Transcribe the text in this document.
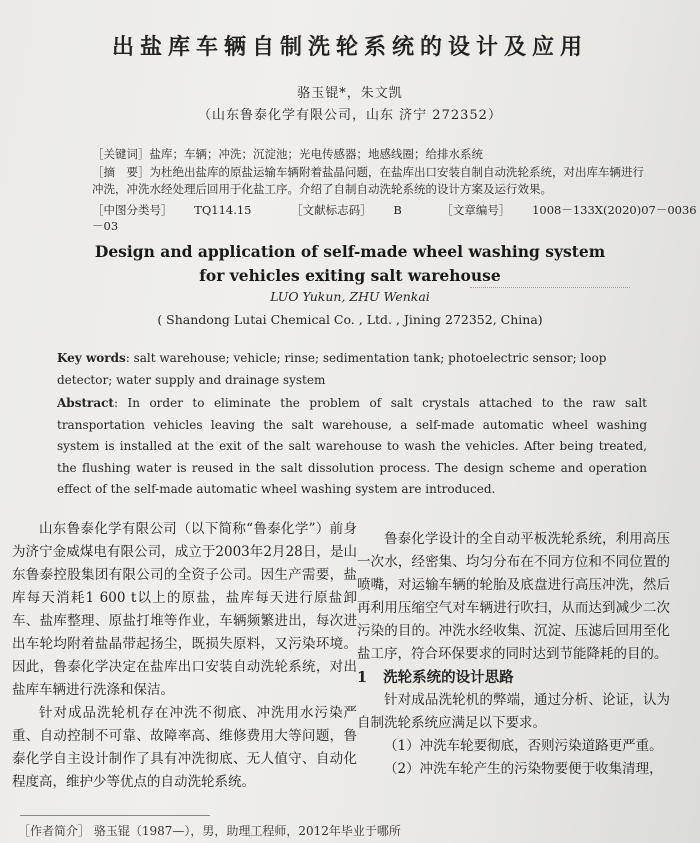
出盐库车辆自制洗轮系统的设计及应用
骆玉锟*，朱文凯
（山东鲁泰化学有限公司，山东 济宁 272352）
［关键词］盐库；车辆；冲洗；沉淀池；光电传感器；地感线圈；给排水系统
［摘　要］为杜绝出盐库的原盐运输车辆附着盐晶问题，在盐库出口安装自制自动洗轮系统，对出库车辆进行冲洗，冲洗水经处理后回用于化盐工序。介绍了自制自动洗轮系统的设计方案及运行效果。
［中图分类号］ TQ114.15	［文献标志码］ B	［文章编号］ 1008－133X(2020)07－0036－03
Design and application of self-made wheel washing system
for vehicles exiting salt warehouse
LUO Yukun, ZHU Wenkai
( Shandong Lutai Chemical Co. , Ltd. , Jining 272352, China)
Key words: salt warehouse; vehicle; rinse; sedimentation tank; photoelectric sensor; loop detector; water supply and drainage system
Abstract: In order to eliminate the problem of salt crystals attached to the raw salt transportation vehicles leaving the salt warehouse, a self-made automatic wheel washing system is installed at the exit of the salt warehouse to wash the vehicles. After being treated, the flushing water is reused in the salt dissolution process. The design scheme and operation effect of the self-made automatic wheel washing system are introduced.

山东鲁泰化学有限公司（以下简称“鲁泰化学”）前身为济宁金威煤电有限公司，成立于2003年2月28日，是山东鲁泰控股集团有限公司的全资子公司。因生产需要，盐库每天消耗1 600 t以上的原盐，盐库每天进行原盐卸车、盐库整理、原盐打堆等作业，车辆频繁进出，每次进出车轮均附着盐晶带起扬尘，既损失原料，又污染环境。因此，鲁泰化学决定在盐库出口安装自动洗轮系统，对出盐库车辆进行洗涤和保洁。

针对成品洗轮机存在冲洗不彻底、冲洗用水污染严重、自动控制不可靠、故障率高、维修费用大等问题，鲁泰化学自主设计制作了具有冲洗彻底、无人值守、自动化程度高，维护少等优点的自动洗轮系统。

鲁泰化学设计的全自动平板洗轮系统，利用高压一次水，经密集、均匀分布在不同方位和不同位置的喷嘴，对运输车辆的轮胎及底盘进行高压冲洗，然后再利用压缩空气对车辆进行吹扫，从而达到减少二次污染的目的。冲洗水经收集、沉淀、压滤后回用至化盐工序，符合环保要求的同时达到节能降耗的目的。

1 洗轮系统的设计思路

针对成品洗轮机的弊端，通过分析、论证，认为自制洗轮系统应满足以下要求。

（1）冲洗车轮要彻底，否则污染道路更严重。

（2）冲洗车轮产生的污染物要便于收集清理，

［作者简介］ 骆玉锟（1987—），男，助理工程师，2012年毕业于哪所
